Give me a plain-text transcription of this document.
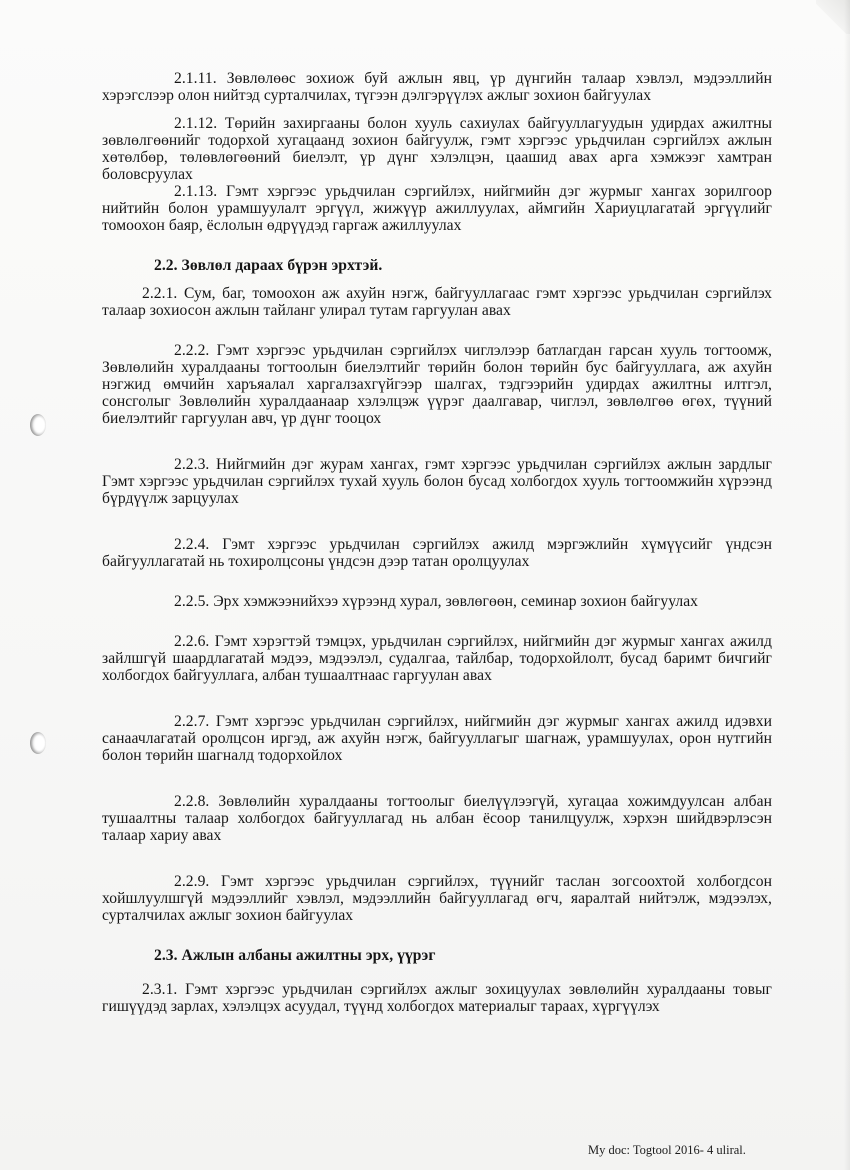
2.1.11. Зөвлөлөөс зохиож буй ажлын явц, үр дүнгийн талаар хэвлэл, мэдээллийн хэрэгслээр олон нийтэд сурталчилах, түгээн дэлгэрүүлэх ажлыг зохион байгуулах

2.1.12. Төрийн захиргааны болон хууль сахиулах байгууллагуудын удирдах ажилтны зөвлөлгөөнийг тодорхой хугацаанд зохион байгуулж, гэмт хэргээс урьдчилан сэргийлэх ажлын хөтөлбөр, төлөвлөгөөний биелэлт, үр дүнг хэлэлцэн, цаашид авах арга хэмжээг хамтран боловсруулах

2.1.13. Гэмт хэргээс урьдчилан сэргийлэх, нийгмийн дэг журмыг хангах зорилгоор нийтийн болон урамшуулалт эргүүл, жижүүр ажиллуулах, аймгийн Хариуцлагатай эргүүлийг томоохон баяр, ёслолын өдрүүдэд гаргаж ажиллуулах

2.2. Зөвлөл дараах бүрэн эрхтэй.

2.2.1. Сум, баг, томоохон аж ахуйн нэгж, байгууллагаас гэмт хэргээс урьдчилан сэргийлэх талаар зохиосон ажлын тайланг улирал тутам гаргуулан авах

2.2.2. Гэмт хэргээс урьдчилан сэргийлэх чиглэлээр батлагдан гарсан хууль тогтоомж, Зөвлөлийн хуралдааны тогтоолын биелэлтийг төрийн болон төрийн бус байгууллага, аж ахуйн нэгжид өмчийн харъяалал харгалзахгүйгээр шалгах, тэдгээрийн удирдах ажилтны илтгэл, сонсголыг Зөвлөлийн хуралдаанаар хэлэлцэж үүрэг даалгавар, чиглэл, зөвлөлгөө өгөх, түүний биелэлтийг гаргуулан авч, үр дүнг тооцох

2.2.3. Нийгмийн дэг журам хангах, гэмт хэргээс урьдчилан сэргийлэх ажлын зардлыг Гэмт хэргээс урьдчилан сэргийлэх тухай хууль болон бусад холбогдох хууль тогтоомжийн хүрээнд бүрдүүлж зарцуулах

2.2.4. Гэмт хэргээс урьдчилан сэргийлэх ажилд мэргэжлийн хүмүүсийг үндсэн байгууллагатай нь тохиролцсоны үндсэн дээр татан оролцуулах

2.2.5. Эрх хэмжээнийхээ хүрээнд хурал, зөвлөгөөн, семинар зохион байгуулах

2.2.6. Гэмт хэрэгтэй тэмцэх, урьдчилан сэргийлэх, нийгмийн дэг журмыг хангах ажилд зайлшгүй шаардлагатай мэдээ, мэдээлэл, судалгаа, тайлбар, тодорхойлолт, бусад баримт бичгийг холбогдох байгууллага, албан тушаалтнаас гаргуулан авах

2.2.7. Гэмт хэргээс урьдчилан сэргийлэх, нийгмийн дэг журмыг хангах ажилд идэвхи санаачлагатай оролцсон иргэд, аж ахуйн нэгж, байгууллагыг шагнаж, урамшуулах, орон нутгийн болон төрийн шагналд тодорхойлох

2.2.8. Зөвлөлийн хуралдааны тогтоолыг биелүүлээгүй, хугацаа хожимдуулсан албан тушаалтны талаар холбогдох байгууллагад нь албан ёсоор танилцуулж, хэрхэн шийдвэрлэсэн талаар хариу авах

2.2.9. Гэмт хэргээс урьдчилан сэргийлэх, түүнийг таслан зогсоохтой холбогдсон хойшлуулшгүй мэдээллийг хэвлэл, мэдээллийн байгууллагад өгч, яаралтай нийтэлж, мэдээлэх, сурталчилах ажлыг зохион байгуулах

2.3. Ажлын албаны ажилтны эрх, үүрэг

2.3.1. Гэмт хэргээс урьдчилан сэргийлэх ажлыг зохицуулах зөвлөлийн хуралдааны товыг гишүүдэд зарлах, хэлэлцэх асуудал, түүнд холбогдох материалыг тараах, хүргүүлэх

My doc: Togtool 2016- 4 uliral.
